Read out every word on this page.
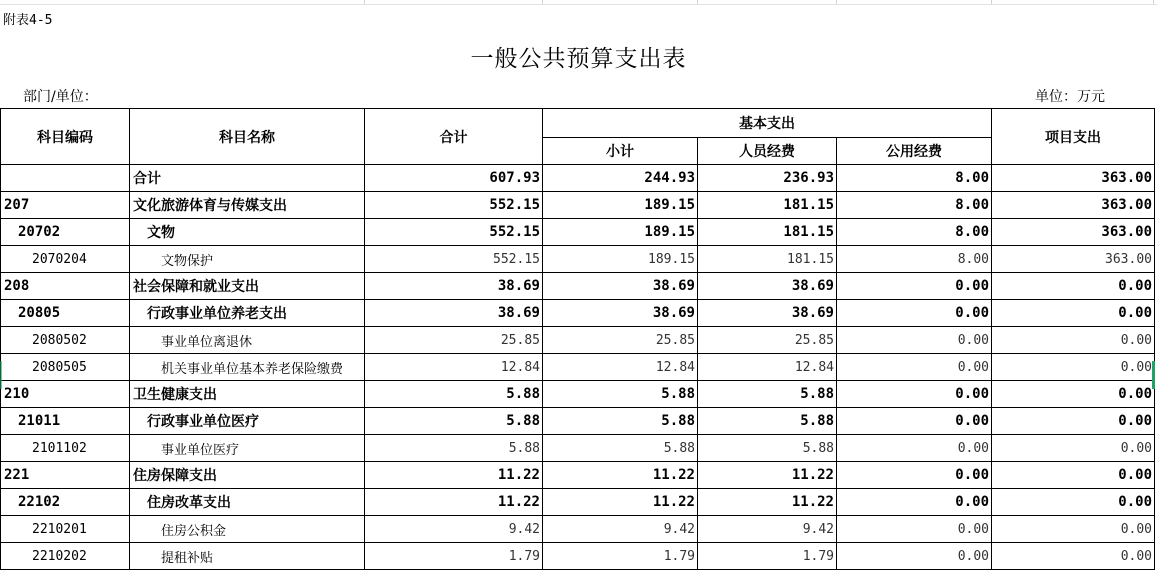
附表4-5
一般公共预算支出表
部门/单位：	单位：万元
科目编码	科目名称	合计	基本支出			项目支出
			小计	人员经费	公用经费	
	合计	607.93	244.93	236.93	8.00	363.00
207	文化旅游体育与传媒支出	552.15	189.15	181.15	8.00	363.00
20702	文物	552.15	189.15	181.15	8.00	363.00
2070204	文物保护	552.15	189.15	181.15	8.00	363.00
208	社会保障和就业支出	38.69	38.69	38.69	0.00	0.00
20805	行政事业单位养老支出	38.69	38.69	38.69	0.00	0.00
2080502	事业单位离退休	25.85	25.85	25.85	0.00	0.00
2080505	机关事业单位基本养老保险缴费	12.84	12.84	12.84	0.00	0.00
210	卫生健康支出	5.88	5.88	5.88	0.00	0.00
21011	行政事业单位医疗	5.88	5.88	5.88	0.00	0.00
2101102	事业单位医疗	5.88	5.88	5.88	0.00	0.00
221	住房保障支出	11.22	11.22	11.22	0.00	0.00
22102	住房改革支出	11.22	11.22	11.22	0.00	0.00
2210201	住房公积金	9.42	9.42	9.42	0.00	0.00
2210202	提租补贴	1.79	1.79	1.79	0.00	0.00
